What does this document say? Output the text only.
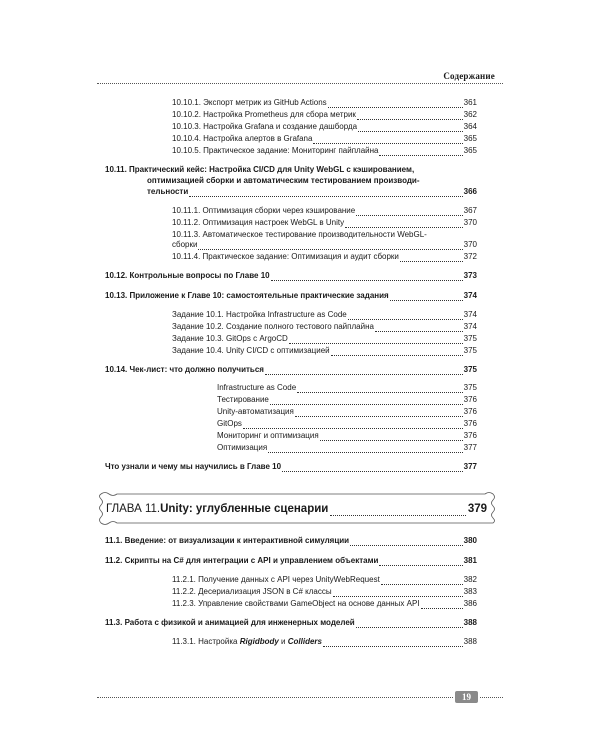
Содержание
10.10.1. Экспорт метрик из GitHub Actions	361
10.10.2. Настройка Prometheus для сбора метрик	362
10.10.3. Настройка Grafana и создание дашборда	364
10.10.4. Настройка алертов в Grafana	365
10.10.5. Практическое задание: Мониторинг пайплайна	365
10.11. Практический кейс: Настройка CI/CD для Unity WebGL с кэшированием,
оптимизацией сборки и автоматическим тестированием производи-
тельности	366
10.11.1. Оптимизация сборки через кэширование	367
10.11.2. Оптимизация настроек WebGL в Unity	370
10.11.3. Автоматическое тестирование производительности WebGL-
сборки	370
10.11.4. Практическое задание: Оптимизация и аудит сборки	372
10.12. Контрольные вопросы по Главе 10	373
10.13. Приложение к Главе 10: самостоятельные практические задания	374
Задание 10.1. Настройка Infrastructure as Code	374
Задание 10.2. Создание полного тестового пайплайна	374
Задание 10.3. GitOps с ArgoCD	375
Задание 10.4. Unity CI/CD с оптимизацией	375
10.14. Чек-лист: что должно получиться	375
Infrastructure as Code	375
Тестирование	376
Unity-автоматизация	376
GitOps	376
Мониторинг и оптимизация	376
Оптимизация	377
Что узнали и чему мы научились в Главе 10	377
ГЛАВА 11. Unity: углубленные сценарии	379
11.1. Введение: от визуализации к интерактивной симуляции	380
11.2. Скрипты на C# для интеграции с API и управлением объектами	381
11.2.1. Получение данных с API через UnityWebRequest	382
11.2.2. Десериализация JSON в C# классы	383
11.2.3. Управление свойствами GameObject на основе данных API	386
11.3. Работа с физикой и анимацией для инженерных моделей	388
11.3.1. Настройка Rigidbody и Colliders	388
19
